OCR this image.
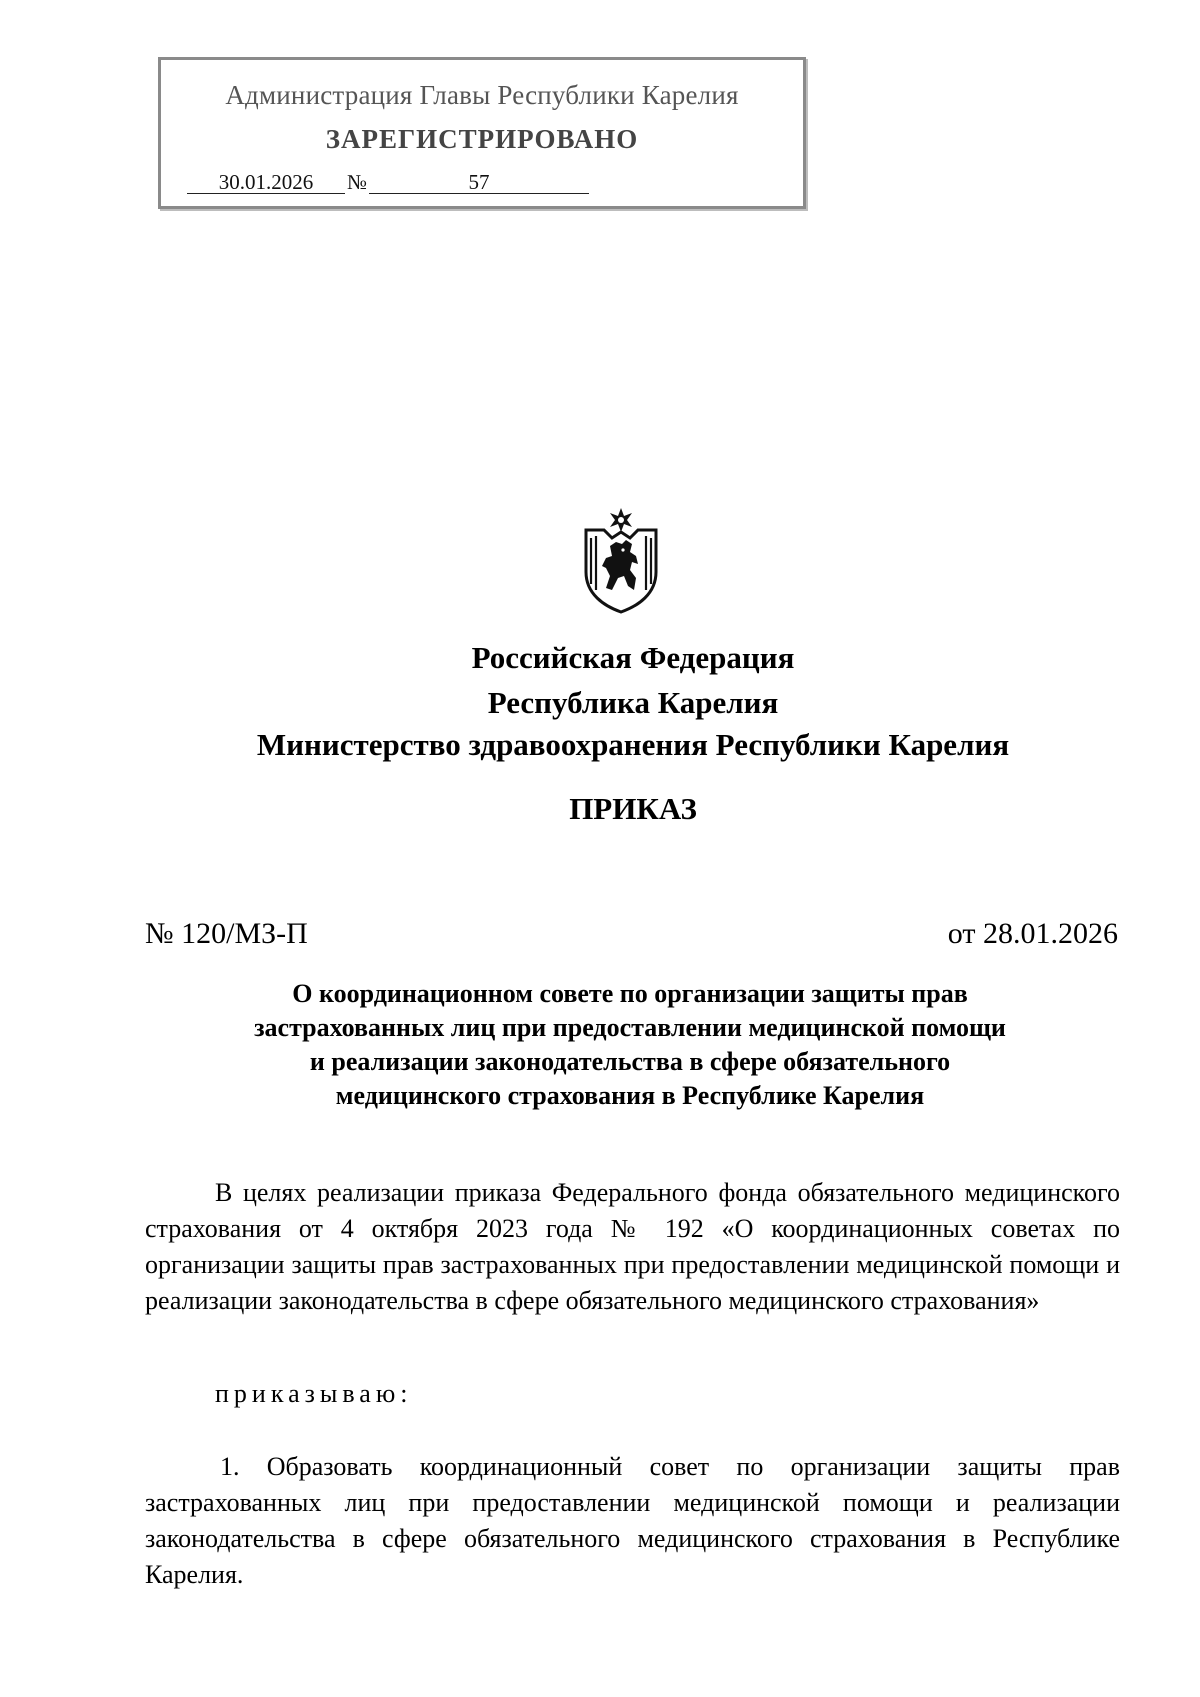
Администрация Главы Республики Карелия
ЗАРЕГИСТРИРОВАНО
30.01.2026 №	57
Российская Федерация
Республика Карелия
Министерство здравоохранения Республики Карелия
ПРИКАЗ
№ 120/МЗ-П	от 28.01.2026
О координационном совете по организации защиты прав
застрахованных лиц при предоставлении медицинской помощи
и реализации законодательства в сфере обязательного
медицинского страхования в Республике Карелия

В целях реализации приказа Федерального фонда обязательного медицинского страхования от 4 октября 2023 года № 192 «О координационных советах по организации защиты прав застрахованных при предоставлении медицинской помощи и реализации законодательства в сфере обязательного медицинского страхования»

приказываю:

1. Образовать координационный совет по организации защиты прав застрахованных лиц при предоставлении медицинской помощи и реализации законодательства в сфере обязательного медицинского страхования в Республике Карелия.
